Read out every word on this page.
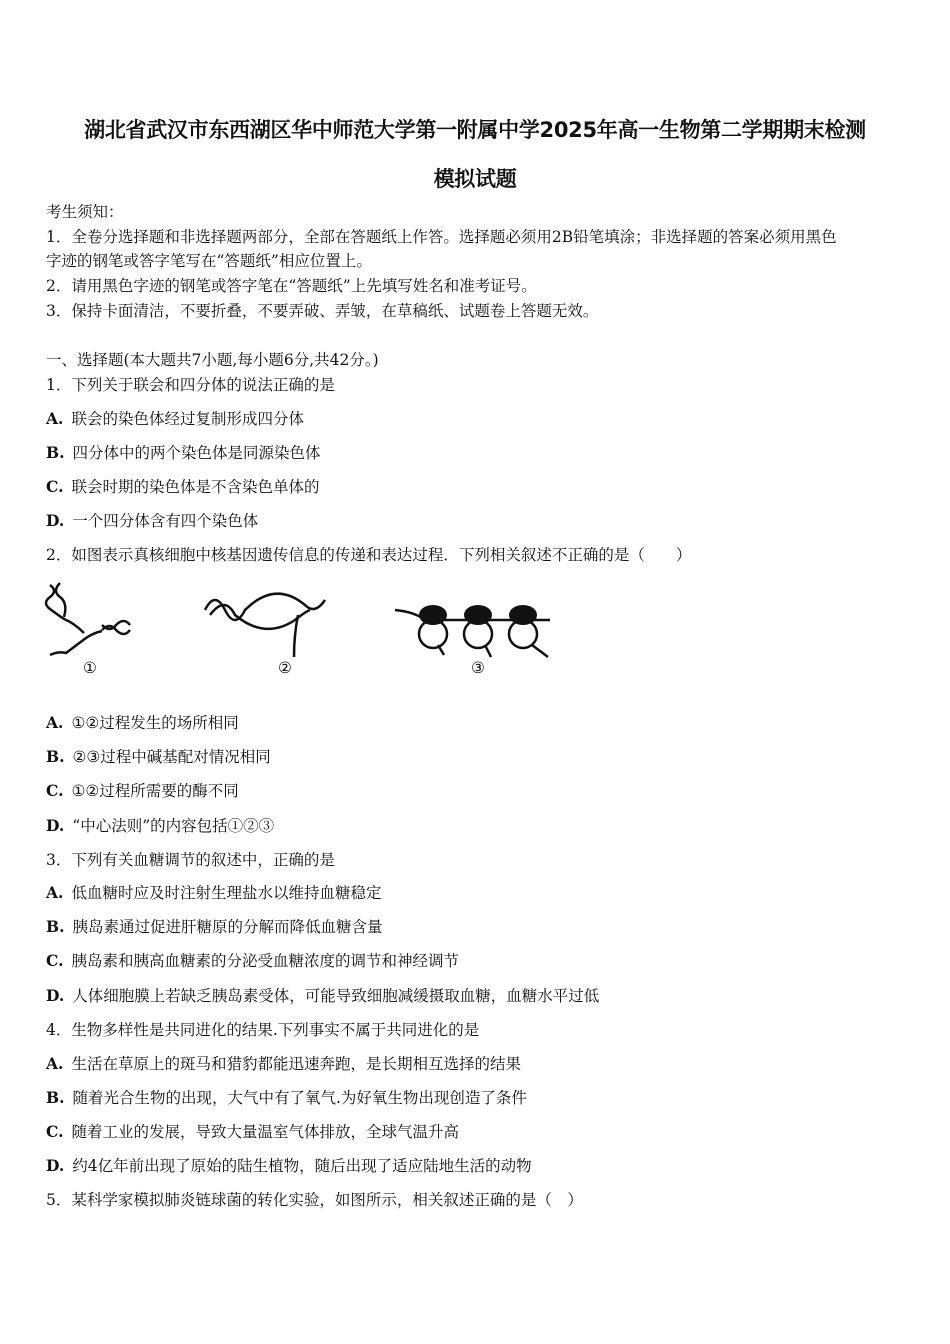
湖北省武汉市东西湖区华中师范大学第一附属中学2025年高一生物第二学期期末检测
模拟试题
考生须知：
1．全卷分选择题和非选择题两部分，全部在答题纸上作答。选择题必须用2B铅笔填涂；非选择题的答案必须用黑色
字迹的钢笔或答字笔写在“答题纸”相应位置上。
2．请用黑色字迹的钢笔或答字笔在“答题纸”上先填写姓名和准考证号。
3．保持卡面清洁，不要折叠，不要弄破、弄皱，在草稿纸、试题卷上答题无效。
一、选择题(本大题共7小题,每小题6分,共42分。)
1．下列关于联会和四分体的说法正确的是
A. 联会的染色体经过复制形成四分体
B. 四分体中的两个染色体是同源染色体
C. 联会时期的染色体是不含染色单体的
D. 一个四分体含有四个染色体
2．如图表示真核细胞中核基因遗传信息的传递和表达过程．下列相关叙述不正确的是（　　）
A. ①②过程发生的场所相同
B. ②③过程中碱基配对情况相同
C. ①②过程所需要的酶不同
D. “中心法则”的内容包括①②③
3．下列有关血糖调节的叙述中，正确的是
A. 低血糖时应及时注射生理盐水以维持血糖稳定
B. 胰岛素通过促进肝糖原的分解而降低血糖含量
C. 胰岛素和胰高血糖素的分泌受血糖浓度的调节和神经调节
D. 人体细胞膜上若缺乏胰岛素受体，可能导致细胞减缓摄取血糖，血糖水平过低
4．生物多样性是共同进化的结果.下列事实不属于共同进化的是
A. 生活在草原上的斑马和猎豹都能迅速奔跑，是长期相互选择的结果
B. 随着光合生物的出现，大气中有了氧气.为好氧生物出现创造了条件
C. 随着工业的发展，导致大量温室气体排放，全球气温升高
D. 约4亿年前出现了原始的陆生植物，随后出现了适应陆地生活的动物
5．某科学家模拟肺炎链球菌的转化实验，如图所示，相关叙述正确的是（　）
①	②	③
